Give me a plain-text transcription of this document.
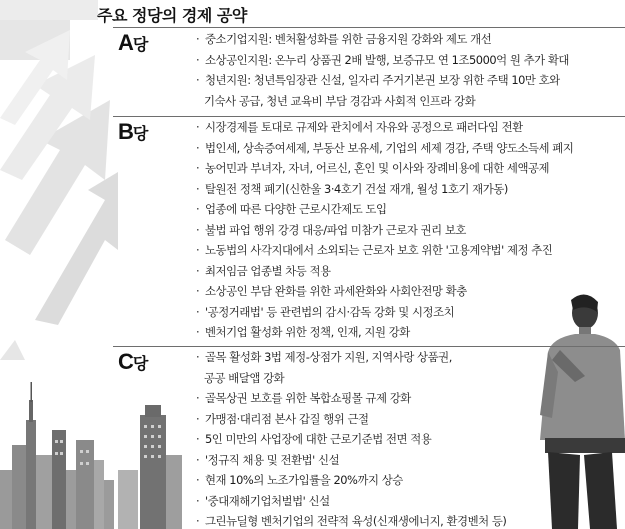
주요 정당의 경제 공약
A당	· 중소기업지원: 벤처활성화를 위한 금융지원 강화와 제도 개선
· 소상공인지원: 온누리 상품권 2배 발행, 보증규모 연 1조5000억 원 추가 확대
· 청년지원: 청년특임장관 신설, 일자리 주거기본권 보장 위한 주택 10만 호와
기숙사 공급, 청년 교육비 부담 경감과 사회적 인프라 강화
B당	· 시장경제를 토대로 규제와 관치에서 자유와 공정으로 패러다임 전환
· 법인세, 상속증여세제, 부동산 보유세, 기업의 세제 경감, 주택 양도소득세 폐지
· 농어민과 부녀자, 자녀, 어르신, 혼인 및 이사와 장례비용에 대한 세액공제
· 탈원전 정책 폐기(신한울 3·4호기 건설 재개, 월성 1호기 재가동)
· 업종에 따른 다양한 근로시간제도 도입
· 불법 파업 행위 강경 대응/파업 미참가 근로자 권리 보호
· 노동법의 사각지대에서 소외되는 근로자 보호 위한 '고용계약법' 제정 추진
· 최저임금 업종별 차등 적용
· 소상공인 부담 완화를 위한 과세완화와 사회안전망 확충
· '공정거래법' 등 관련법의 감시·감독 강화 및 시정조치
· 벤처기업 활성화 위한 정책, 인재, 지원 강화
C당	· 골목 활성화 3법 제정-상점가 지원, 지역사랑 상품권,
공공 배달앱 강화
· 골목상권 보호를 위한 복합쇼핑몰 규제 강화
· 가맹점·대리점 본사 갑질 행위 근절
· 5인 미만의 사업장에 대한 근로기준법 전면 적용
· '정규직 채용 및 전환법' 신설
· 현재 10%의 노조가입률을 20%까지 상승
· '중대재해기업처벌법' 신설
· 그린뉴딜형 벤처기업의 전략적 육성(신재생에너지, 환경벤처 등)
